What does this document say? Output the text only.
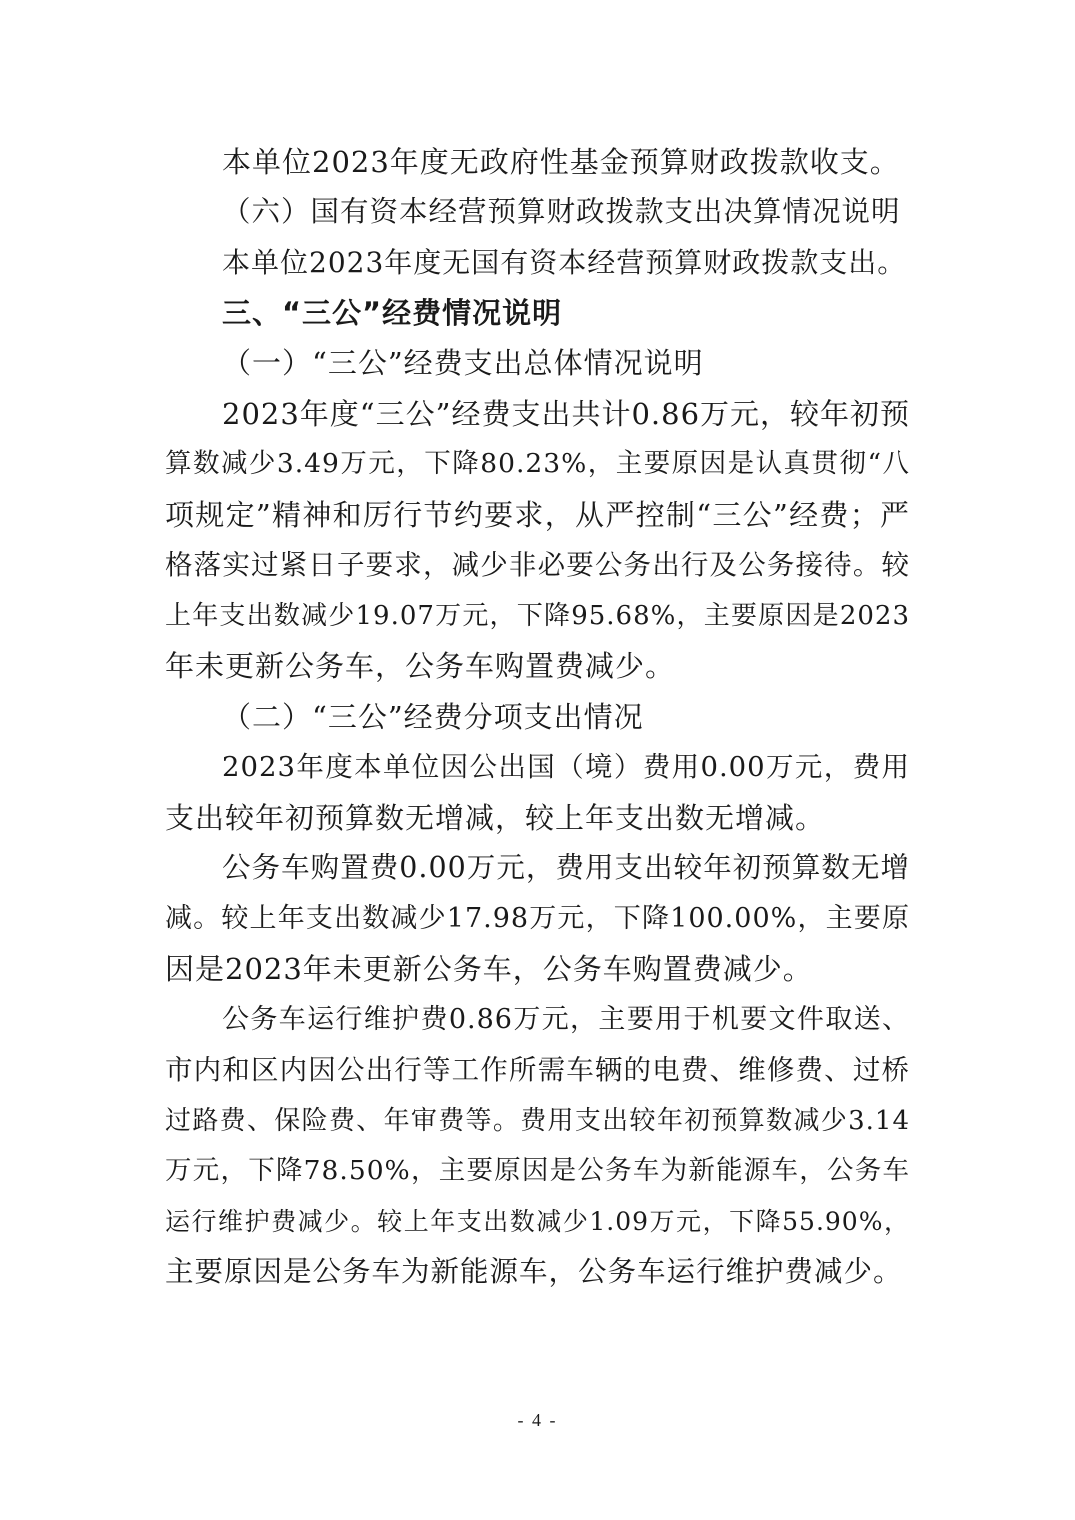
本单位2023年度无政府性基金预算财政拨款收支。
（六）国有资本经营预算财政拨款支出决算情况说明
本单位2023年度无国有资本经营预算财政拨款支出。
三、“三公”经费情况说明
（一）“三公”经费支出总体情况说明
2023年度“三公”经费支出共计0.86万元，较年初预
算数减少3.49万元，下降80.23%，主要原因是认真贯彻“八
项规定”精神和厉行节约要求，从严控制“三公”经费；严
格落实过紧日子要求，减少非必要公务出行及公务接待。较
上年支出数减少19.07万元，下降95.68%，主要原因是2023
年未更新公务车，公务车购置费减少。
（二）“三公”经费分项支出情况
2023年度本单位因公出国（境）费用0.00万元，费用
支出较年初预算数无增减，较上年支出数无增减。
公务车购置费0.00万元，费用支出较年初预算数无增
减。较上年支出数减少17.98万元，下降100.00%，主要原
因是2023年未更新公务车，公务车购置费减少。
公务车运行维护费0.86万元，主要用于机要文件取送、
市内和区内因公出行等工作所需车辆的电费、维修费、过桥
过路费、保险费、年审费等。费用支出较年初预算数减少3.14
万元，下降78.50%，主要原因是公务车为新能源车，公务车
运行维护费减少。较上年支出数减少1.09万元，下降55.90%，
主要原因是公务车为新能源车，公务车运行维护费减少。
- 4 -
